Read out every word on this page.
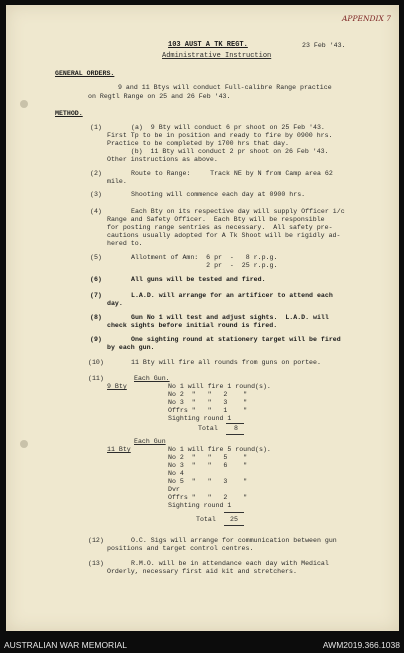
APPENDIX 7
103 AUST A TK REGT.	23 Feb '43.
Administrative Instruction
GENERAL ORDERS.
9 and 11 Btys will conduct Full-calibre Range practice
on Regtl Range on 25 and 26 Feb '43.
METHOD.
(1)	(a)  9 Bty will conduct 6 pr shoot on 25 Feb '43.
First Tp to be in position and ready to fire by 0900 hrs.
Practice to be completed by 1700 hrs that day.
(b)  11 Bty will conduct 2 pr shoot on 26 Feb '43.
Other instructions as above.
(2)	Route to Range:     Track NE by N from Camp area 62
mile.
(3)	Shooting will commence each day at 0900 hrs.
(4)	Each Bty on its respective day will supply Officer i/c
Range and Safety Officer.  Each Bty will be responsible
for posting range sentries as necessary.  All safety pre-
cautions usually adopted for A Tk Shoot will be rigidly ad-
hered to.
(5)	Allotment of Amn:  6 pr  -   8 r.p.g.
2 pr  -  25 r.p.g.
(6)	All guns will be tested and fired.
(7)	L.A.D. will arrange for an artificer to attend each
day.
(8)	Gun No 1 will test and adjust sights.  L.A.D. will
check sights before initial round is fired.
(9)	One sighting round at stationery target will be fired
by each gun.
(10)	11 Bty will fire all rounds from guns on portee.
(11)	Each Gun.
9 Bty	No 1 will fire 1 round(s).
No 2  "   "   2    "
No 3  "   "   3    "
Offrs "   "   1    "
Sighting round 1
Total 8
Each Gun
11 Bty	No 1 will fire 5 round(s).
No 2  "   "   5    "
No 3  "   "   6    "
No 4
No 5  "   "   3    "
Dvr
Offrs "   "   2    "
Sighting round 1
Total 25
(12)	O.C. Sigs will arrange for communication between gun
positions and target control centres.
(13)	R.M.O. will be in attendance each day with Medical
Orderly, necessary first aid kit and stretchers.
AUSTRALIAN WAR MEMORIAL	AWM2019.366.1038
